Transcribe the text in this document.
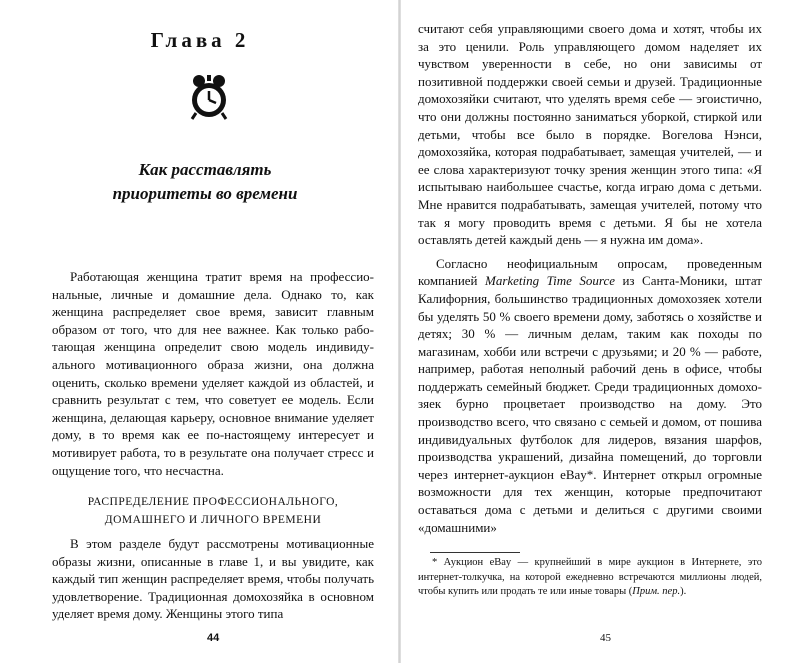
Глава 2
Как расставлять
приоритеты во времени

Работающая женщина тратит время на профессиональные, личные и домашние дела. Однако то, как женщина распределяет свое время, зависит главным образом от того, что для нее важнее. Как только работающая женщина определит свою модель индивидуального мотивационного образа жизни, она должна оценить, сколько времени уделяет каждой из областей, и сравнить результат с тем, что советует ее модель. Если женщина, делающая карьеру, основное внимание уделяет дому, в то время как ее по-настоящему интересует и мотивирует работа, то в результате она получает стресс и ощущение того, что несчастна.

РАСПРЕДЕЛЕНИЕ ПРОФЕССИОНАЛЬНОГО,
ДОМАШНЕГО И ЛИЧНОГО ВРЕМЕНИ

В этом разделе будут рассмотрены мотивационные образы жизни, описанные в главе 1, и вы увидите, как каждый тип женщин распределяет время, чтобы получать удовлетворение. Традиционная домохозяйка в основном уделяет время дому. Женщины этого типа

44

считают себя управляющими своего дома и хотят, чтобы их за это ценили. Роль управляющего домом наделяет их чувством уверенности в себе, но они зависимы от позитивной поддержки своей семьи и друзей. Традиционные домохозяйки считают, что уделять время себе — эгоистично, что они должны постоянно заниматься уборкой, стиркой или детьми, чтобы все было в порядке. Вогелова Нэнси, домохозяйка, которая подрабатывает, замещая учителей, — и ее слова характеризуют точку зрения женщин этого типа: «Я испытываю наибольшее счастье, когда играю дома с детьми. Мне нравится подрабатывать, замещая учителей, потому что так я могу проводить время с детьми. Я бы не хотела оставлять детей каждый день — я нужна им дома».

Согласно неофициальным опросам, проведенным компанией Marketing Time Source из Санта-Моники, штат Калифорния, большинство традиционных домохозяек хотели бы уделять 50 % своего времени дому, заботясь о хозяйстве и детях; 30 % — личным делам, таким как походы по магазинам, хобби или встречи с друзьями; и 20 % — работе, например, работая неполный рабочий день в офисе, чтобы поддержать семейный бюджет. Среди традиционных домохозяек бурно процветает производство на дому. Это производство всего, что связано с семьей и домом, от пошива индивидуальных футболок для лидеров, вязания шарфов, производства украшений, дизайна помещений, до торговли через интернет-аукцион eBay*. Интернет открыл огромные возможности для тех женщин, которые предпочитают оставаться дома с детьми и делиться с другими своими «домашними»

45

* Аукцион eBay — крупнейший в мире аукцион в Интернете, это интернет-толкучка, на которой ежедневно встречаются миллионы людей, чтобы купить или продать те или иные товары (Прим. пер.).
